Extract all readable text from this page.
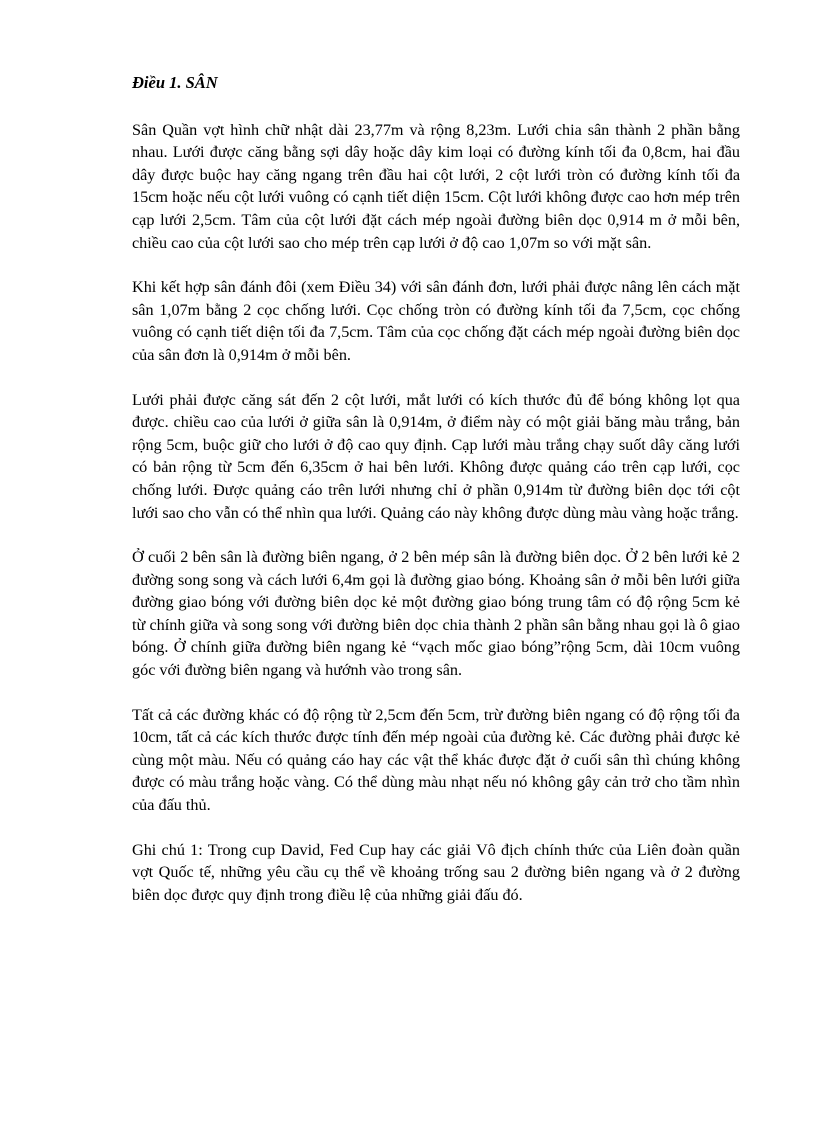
Điều 1. SÂN

Sân Quần vợt hình chữ nhật dài 23,77m và rộng 8,23m. Lưới chia sân thành 2 phần bằng nhau. Lưới được căng bằng sợi dây hoặc dây kim loại có đường kính tối đa 0,8cm, hai đầu dây được buộc hay căng ngang trên đầu hai cột lưới, 2 cột lưới tròn có đường kính tối đa 15cm hoặc nếu cột lưới vuông có cạnh tiết diện 15cm. Cột lưới không được cao hơn mép trên cạp lưới 2,5cm. Tâm của cột lưới đặt cách mép ngoài đường biên dọc 0,914 m ở mỗi bên, chiều cao của cột lưới sao cho mép trên cạp lưới ở độ cao 1,07m so với mặt sân.

Khi kết hợp sân đánh đôi (xem Điều 34) với sân đánh đơn, lưới phải được nâng lên cách mặt sân 1,07m bằng 2 cọc chống lưới. Cọc chống tròn có đường kính tối đa 7,5cm, cọc chống vuông có cạnh tiết diện tối đa 7,5cm. Tâm của cọc chống đặt cách mép ngoài đường biên dọc của sân đơn là 0,914m ở mỗi bên.

Lưới phải được căng sát đến 2 cột lưới, mắt lưới có kích thước đủ để bóng không lọt qua được. chiều cao của lưới ở giữa sân là 0,914m, ở điểm này có một giải băng màu trắng, bản rộng 5cm, buộc giữ cho lưới ở độ cao quy định. Cạp lưới màu trắng chạy suốt dây căng lưới có bản rộng từ 5cm đến 6,35cm ở hai bên lưới. Không được quảng cáo trên cạp lưới, cọc chống lưới. Được quảng cáo trên lưới nhưng chỉ ở phần 0,914m từ đường biên dọc tới cột lưới sao cho vẫn có thể nhìn qua lưới. Quảng cáo này không được dùng màu vàng hoặc trắng.

Ở cuối 2 bên sân là đường biên ngang, ở 2 bên mép sân là đường biên dọc. Ở 2 bên lưới kẻ 2 đường song song và cách lưới 6,4m gọi là đường giao bóng. Khoảng sân ở mỗi bên lưới giữa đường giao bóng với đường biên dọc kẻ một đường giao bóng trung tâm có độ rộng 5cm kẻ từ chính giữa và song song với đường biên dọc chia thành 2 phần sân bằng nhau gọi là ô giao bóng. Ở chính giữa đường biên ngang kẻ “vạch mốc giao bóng”rộng 5cm, dài 10cm vuông góc với đường biên ngang và hướnh vào trong sân.

Tất cả các đường khác có độ rộng từ 2,5cm đến 5cm, trừ đường biên ngang có độ rộng tối đa 10cm, tất cả các kích thước được tính đến mép ngoài của đường kẻ. Các đường phải được kẻ cùng một màu. Nếu có quảng cáo hay các vật thể khác được đặt ở cuối sân thì chúng không được có màu trắng hoặc vàng. Có thể dùng màu nhạt nếu nó không gây cản trở cho tầm nhìn của đấu thủ.

Ghi chú 1: Trong cup David, Fed Cup hay các giải Vô địch chính thức của Liên đoàn quần vợt Quốc tế, những yêu cầu cụ thể về khoảng trống sau 2 đường biên ngang và ở 2 đường biên dọc được quy định trong điều lệ của những giải đấu đó.
